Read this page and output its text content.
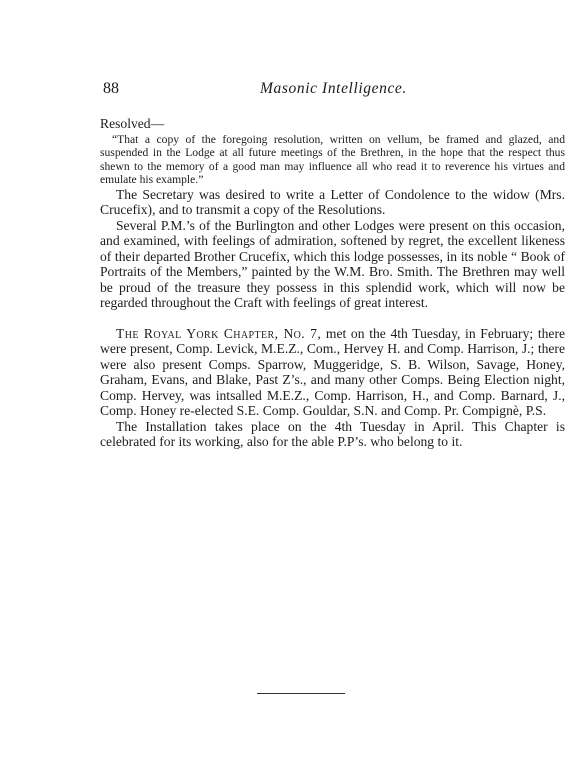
88	Masonic Intelligence.

Resolved—

“That a copy of the foregoing resolution, written on vellum, be framed and glazed, and suspended in the Lodge at all future meetings of the Brethren, in the hope that the respect thus shewn to the memory of a good man may influence all who read it to reverence his virtues and emulate his example.”

The Secretary was desired to write a Letter of Condolence to the widow (Mrs. Crucefix), and to transmit a copy of the Resolutions.

Several P.M.’s of the Burlington and other Lodges were present on this occasion, and examined, with feelings of admiration, softened by regret, the excellent likeness of their departed Brother Crucefix, which this lodge possesses, in its noble “ Book of Portraits of the Members,” painted by the W.M. Bro. Smith. The Brethren may well be proud of the treasure they possess in this splendid work, which will now be regarded throughout the Craft with feelings of great interest.

The Royal York Chapter, No. 7, met on the 4th Tuesday, in February; there were present, Comp. Levick, M.E.Z., Com., Hervey H. and Comp. Harrison, J.; there were also present Comps. Sparrow, Muggeridge, S. B. Wilson, Savage, Honey, Graham, Evans, and Blake, Past Z’s., and many other Comps. Being Election night, Comp. Hervey, was intsalled M.E.Z., Comp. Harrison, H., and Comp. Barnard, J., Comp. Honey re-elected S.E. Comp. Gouldar, S.N. and Comp. Pr. Compignè, P.S.

The Installation takes place on the 4th Tuesday in April. This Chapter is celebrated for its working, also for the able P.P’s. who belong to it.
